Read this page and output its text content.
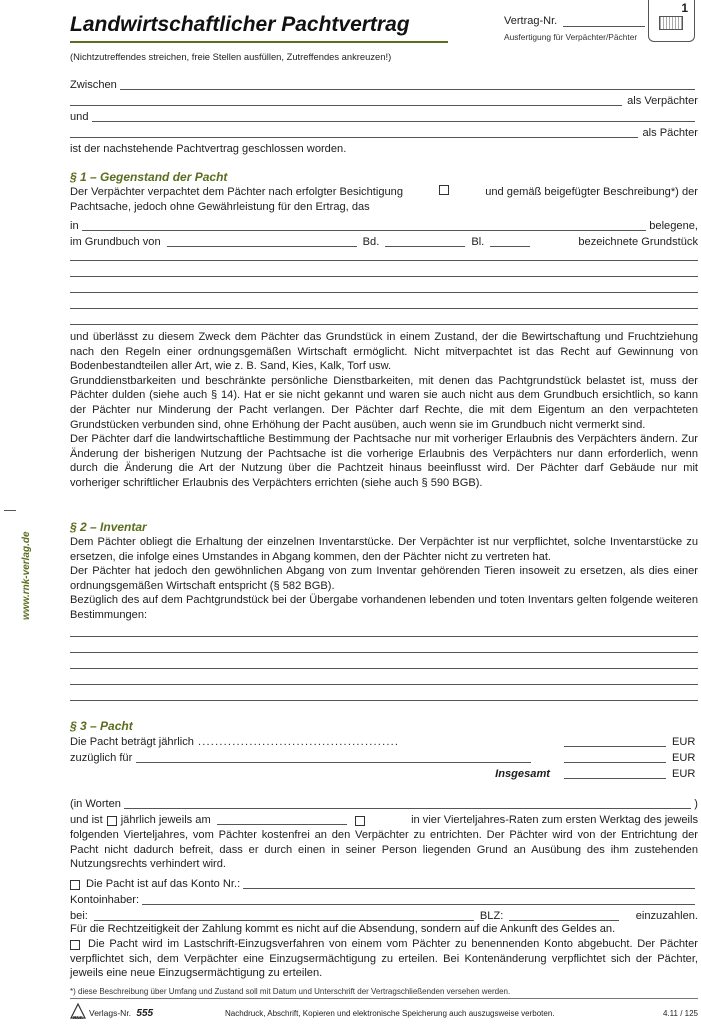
www.rnk-verlag.de
Landwirtschaftlicher Pachtvertrag	Vertrag-Nr.
Ausfertigung für Verpächter/Pächter
1
(Nichtzutreffendes streichen, freie Stellen ausfüllen, Zutreffendes ankreuzen!)
Zwischen
als Verpächter
und
als Pächter
ist der nachstehende Pachtvertrag geschlossen worden.
§ 1 – Gegenstand der Pacht
Der Verpächter verpachtet dem Pächter nach erfolgter Besichtigung	und gemäß beigefügter Beschreibung*) der
Pachtsache, jedoch ohne Gewährleistung für den Ertrag, das
in	belegene,
im Grundbuch von	Bd.	Bl.	bezeichnete Grundstück

und überlässt zu diesem Zweck dem Pächter das Grundstück in einem Zustand, der die Bewirtschaftung und Fruchtziehung nach den Regeln einer ordnungsgemäßen Wirtschaft ermöglicht. Nicht mitverpachtet ist das Recht auf Gewinnung von Bodenbestandteilen aller Art, wie z. B. Sand, Kies, Kalk, Torf usw.

Grunddienstbarkeiten und beschränkte persönliche Dienstbarkeiten, mit denen das Pachtgrundstück belastet ist, muss der Pächter dulden (siehe auch § 14). Hat er sie nicht gekannt und waren sie auch nicht aus dem Grundbuch ersichtlich, so kann der Pächter nur Minderung der Pacht verlangen. Der Pächter darf Rechte, die mit dem Eigentum an den verpachteten Grundstücken verbunden sind, ohne Erhöhung der Pacht ausüben, auch wenn sie im Grundbuch nicht vermerkt sind.

Der Pächter darf die landwirtschaftliche Bestimmung der Pachtsache nur mit vorheriger Erlaubnis des Verpächters ändern. Zur Änderung der bisherigen Nutzung der Pachtsache ist die vorherige Erlaubnis des Verpächters nur dann erforderlich, wenn durch die Änderung die Art der Nutzung über die Pachtzeit hinaus beeinflusst wird. Der Pächter darf Gebäude nur mit vorheriger schriftlicher Erlaubnis des Verpächters errichten (siehe auch § 590 BGB).

§ 2 – Inventar

Dem Pächter obliegt die Erhaltung der einzelnen Inventarstücke. Der Verpächter ist nur verpflichtet, solche Inventarstücke zu ersetzen, die infolge eines Umstandes in Abgang kommen, den der Pächter nicht zu vertreten hat.

Der Pächter hat jedoch den gewöhnlichen Abgang von zum Inventar gehörenden Tieren insoweit zu ersetzen, als dies einer ordnungsgemäßen Wirtschaft entspricht (§ 582 BGB).

Bezüglich des auf dem Pachtgrundstück bei der Übergabe vorhandenen lebenden und toten Inventars gelten folgende weiteren Bestimmungen:

§ 3 – Pacht
Die Pacht beträgt jährlich ...............................................	EUR
zuzüglich für	EUR
Insgesamt	EUR
(in Worten	)
und ist jährlich jeweils am	in vier Vierteljahres-Raten zum ersten Werktag des jeweils

folgenden Vierteljahres, vom Pächter kostenfrei an den Verpächter zu entrichten. Der Pächter wird von der Entrichtung der Pacht nicht dadurch befreit, dass er durch einen in seiner Person liegenden Grund an Ausübung des ihm zustehenden Nutzungsrechts verhindert wird.

Die Pacht ist auf das Konto Nr.:
Kontoinhaber:
bei:	BLZ:	einzuzahlen.
Für die Rechtzeitigkeit der Zahlung kommt es nicht auf die Absendung, sondern auf die Ankunft des Geldes an.

Die Pacht wird im Lastschrift-Einzugsverfahren von einem vom Pächter zu benennenden Konto abgebucht. Der Pächter verpflichtet sich, dem Verpächter eine Einzugsermächtigung zu erteilen. Bei Kontenänderung verpflichtet sich der Pächter, jeweils eine neue Einzugsermächtigung zu erteilen.

*) diese Beschreibung über Umfang und Zustand soll mit Datum und Unterschrift der Vertragschließenden versehen werden.
RNK Verlags-Nr. 555	Nachdruck, Abschrift, Kopieren und elektronische Speicherung auch auszugsweise verboten.	4.11 / 125
